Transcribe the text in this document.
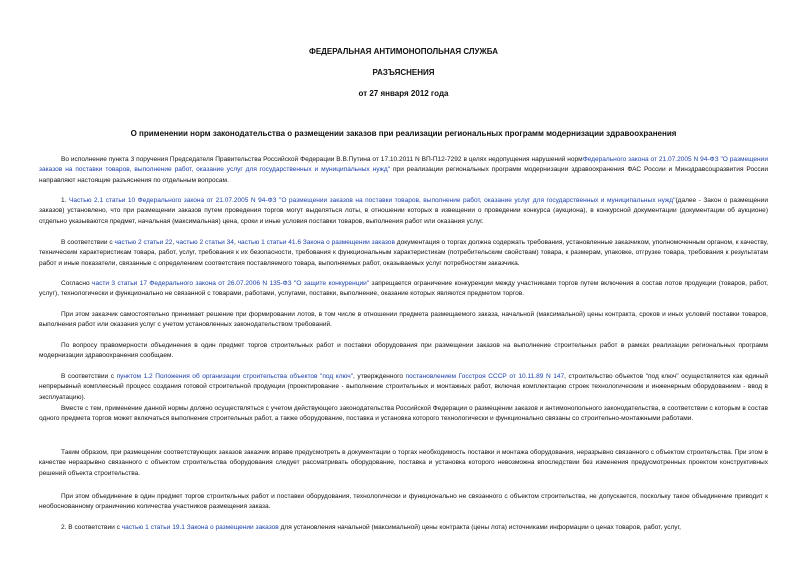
ФЕДЕРАЛЬНАЯ АНТИМОНОПОЛЬНАЯ СЛУЖБА
РАЗЪЯСНЕНИЯ
от 27 января 2012 года
О применении норм законодательства о размещении заказов при реализации региональных программ модернизации здравоохранения
Во исполнение пункта 3 поручения Председателя Правительства Российской Федерации В.В.Путина от 17.10.2011 N ВП-П12-7292 в целях недопущения нарушений нормФедерального закона от 21.07.2005 N 94-ФЗ "О размещении заказов на поставки товаров, выполнение работ, оказание услуг для государственных и муниципальных нужд" при реализации региональных программ модернизации здравоохранения ФАС России и Минздравсоцразвития России направляют настоящие разъяснения по отдельным вопросам.
1. Частью 2.1 статьи 10 Федерального закона от 21.07.2005 N 94-ФЗ "О размещении заказов на поставки товаров, выполнение работ, оказание услуг для государственных и муниципальных нужд"(далее - Закон о размещении заказов) установлено, что при размещении заказов путем проведения торгов могут выделяться лоты, в отношении которых в извещении о проведении конкурса (аукциона), в конкурсной документации (документации об аукционе) отдельно указываются предмет, начальная (максимальная) цена, сроки и иные условия поставки товаров, выполнения работ или оказания услуг.
В соответствии с частью 2 статьи 22, частью 2 статьи 34, частью 1 статьи 41.6 Закона о размещении заказов документация о торгах должна содержать требования, установленные заказчиком, уполномоченным органом, к качеству, техническим характеристикам товара, работ, услуг, требования к их безопасности, требования к функциональным характеристикам (потребительским свойствам) товара, к размерам, упаковке, отгрузке товара, требования к результатам работ и иные показатели, связанные с определением соответствия поставляемого товара, выполняемых работ, оказываемых услуг потребностям заказчика.
Согласно части 3 статьи 17 Федерального закона от 26.07.2006 N 135-ФЗ "О защите конкуренции" запрещается ограничение конкуренции между участниками торгов путем включения в состав лотов продукции (товаров, работ, услуг), технологически и функционально не связанной с товарами, работами, услугами, поставки, выполнение, оказание которых являются предметом торгов.
При этом заказчик самостоятельно принимает решение при формировании лотов, в том числе в отношении предмета размещаемого заказа, начальной (максимальной) цены контракта, сроков и иных условий поставки товаров, выполнения работ или оказания услуг с учетом установленных законодательством требований.
По вопросу правомерности объединения в один предмет торгов строительных работ и поставки оборудования при размещении заказов на выполнение строительных работ в рамках реализации региональных программ модернизации здравоохранения сообщаем.
В соответствии с пунктом 1.2 Положения об организации строительства объектов "под ключ", утвержденного постановлением Госстроя СССР от 10.11.89 N 147, строительство объектов "под ключ" осуществляется как единый непрерывный комплексный процесс создания готовой строительной продукции (проектирование - выполнение строительных и монтажных работ, включая комплектацию строек технологическим и инженерным оборудованием - ввод в эксплуатацию).
Вместе с тем, применение данной нормы должно осуществляться с учетом действующего законодательства Российской Федерации о размещении заказов и антимонопольного законодательства, в соответствии с которым в состав одного предмета торгов может включаться выполнение строительных работ, а также оборудование, поставка и установка которого технологически и функционально связаны со строительно-монтажными работами.
Таким образом, при размещении соответствующих заказов заказчик вправе предусмотреть в документации о торгах необходимость поставки и монтажа оборудования, неразрывно связанного с объектом строительства. При этом в качестве неразрывно связанного с объектом строительства оборудования следует рассматривать оборудование, поставка и установка которого невозможна впоследствии без изменения предусмотренных проектом конструктивных решений объекта строительства.
При этом объединение в один предмет торгов строительных работ и поставки оборудования, технологически и функционально не связанного с объектом строительства, не допускается, поскольку такое объединение приводит к необоснованному ограничению количества участников размещения заказа.
2. В соответствии с частью 1 статьи 19.1 Закона о размещении заказов для установления начальной (максимальной) цены контракта (цены лота) источниками информации о ценах товаров, работ, услуг,
